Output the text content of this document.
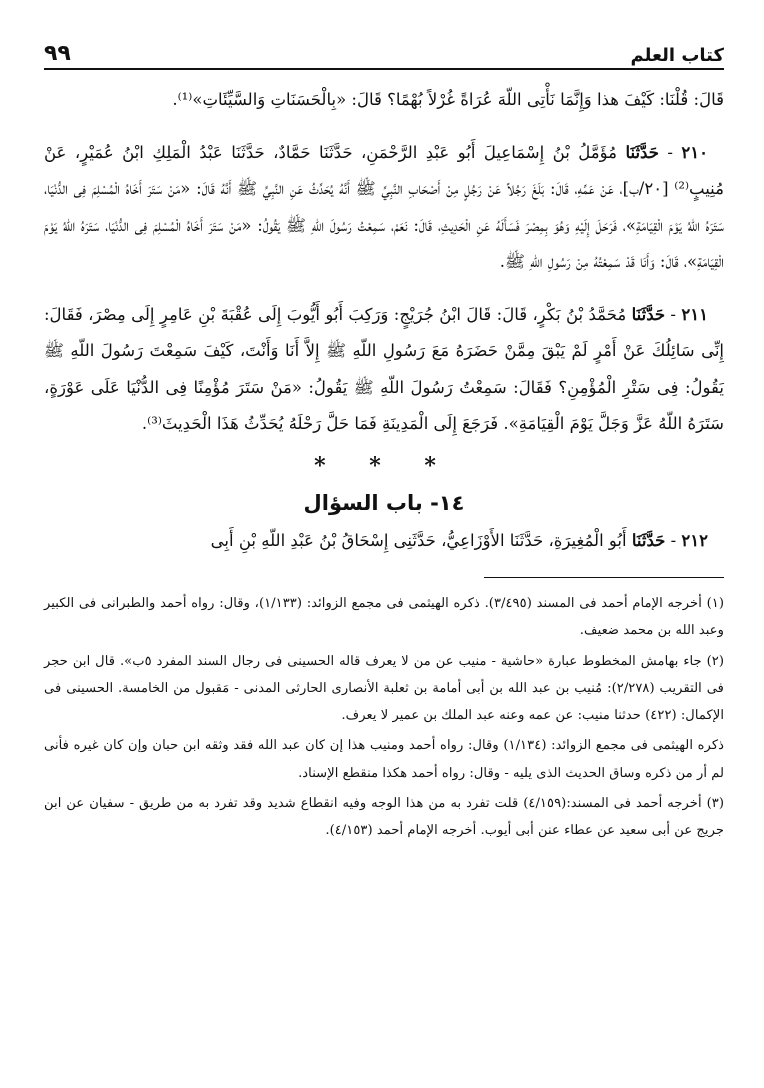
كتاب العلم
٩٩

قَالَ: قُلْنَا: كَيْفَ هذا وَإِنَّمَا نَأْتِى اللّهَ عُرَاةً غُرْلاً بُهْمًا؟ قَالَ: «بِالْحَسَنَاتِ وَالسَّيِّئَاتِ»⁽¹⁾.

٢١٠ - حَدَّثَنَا مُؤَمَّلُ بْنُ إِسْمَاعِيلَ أَبُو عَبْدِ الرَّحْمَنِ، حَدَّثَنَا حَمَّادٌ، حَدَّثَنَا عَبْدُ الْمَلِكِ ابْنُ عُمَيْرٍ، عَنْ مُنِيبٍ⁽²⁾ [٢٠/ب]، عَنْ عَمِّهِ، قَالَ: بَلَغَ رَجُلاً عَنْ رَجُلٍ مِنْ أَصْحَابِ النَّبِيِّ ﷺ أَنَّهُ يُحَدِّثُ عَنِ النَّبِيِّ ﷺ أَنَّهُ قَالَ: «مَنْ سَتَرَ أَخَاهُ الْمُسْلِمَ فِى الدُّنْيَا، سَتَرَهُ اللّهُ يَوْمَ الْقِيَامَةِ»، فَرَحَلَ إِلَيْهِ وَهُوَ بِمِصْرَ فَسَأَلَهُ عَنِ الْحَدِيثِ، قَالَ: نَعَمْ، سَمِعْتُ رَسُولَ اللّهِ ﷺ يَقُولُ: «مَنْ سَتَرَ أَخَاهُ الْمُسْلِمَ فِى الدُّنْيَا، سَتَرَهُ اللّهُ يَوْمَ الْقِيَامَةِ»، قَالَ: وَأَنَا قَدْ سَمِعْتُهُ مِنْ رَسُولِ اللّهِ ﷺ.

٢١١ - حَدَّثَنَا مُحَمَّدُ بْنُ بَكْرٍ، قَالَ: قَالَ ابْنُ جُرَيْجٍ: وَرَكِبَ أَبُو أَيُّوبَ إِلَى عُقْبَةَ بْنِ عَامِرٍ إِلَى مِصْرَ، فَقَالَ: إِنِّى سَائِلُكَ عَنْ أَمْرٍ لَمْ يَبْقَ مِمَّنْ حَضَرَهُ مَعَ رَسُولِ اللّهِ ﷺ إِلاَّ أَنَا وَأَنْتَ، كَيْفَ سَمِعْتَ رَسُولَ اللّهِ ﷺ يَقُولُ: فِى سَتْرِ الْمُؤْمِنِ؟ فَقَالَ: سَمِعْتُ رَسُولَ اللّهِ ﷺ يَقُولُ: «مَنْ سَتَرَ مُؤْمِنًا فِى الدُّنْيَا عَلَى عَوْرَةٍ، سَتَرَهُ اللّهُ عَزَّ وَجَلَّ يَوْمَ الْقِيَامَةِ». فَرَجَعَ إِلَى الْمَدِينَةِ فَمَا حَلَّ رَحْلَهُ يُحَدِّثُ هَذَا الْحَدِيثَ⁽³⁾.

* * *
١٤- باب السؤال

٢١٢ - حَدَّثَنَا أَبُو الْمُغِيرَةِ، حَدَّثَنَا الأَوْزَاعِيُّ، حَدَّثَنِى إِسْحَاقُ بْنُ عَبْدِ اللّهِ بْنِ أَبِى

(١) أخرجه الإمام أحمد فى المسند (٣/٤٩٥). ذكره الهيثمى فى مجمع الزوائد: (١/١٣٣)، وقال: رواه أحمد والطبرانى فى الكبير وعبد الله بن محمد ضعيف.

(٢) جاء بهامش المخطوط عبارة «حاشية - منيب عن من لا يعرف قاله الحسينى فى رجال السند المفرد ٥ب». قال ابن حجر فى التقريب (٢/٢٧٨): مُنيب بن عبد الله بن أبى أمامة بن ثعلبة الأنصارى الحارثى المدنى - مَقبول من الخامسة. الحسينى فى الإكمال: (٤٢٢) حدثنا منيب: عن عمه وعنه عبد الملك بن عمير لا يعرف.

ذكره الهيثمى فى مجمع الزوائد: (١/١٣٤) وقال: رواه أحمد ومنيب هذا إن كان عبد الله فقد وثقه ابن حبان وإن كان غيره فأنى لم أر من ذكره وساق الحديث الذى يليه - وقال: رواه أحمد هكذا منقطع الإسناد.

(٣) أخرجه أحمد فى المسند:(٤/١٥٩) قلت تفرد به من هذا الوجه وفيه انقطاع شديد وقد تفرد به من طريق - سفيان عن ابن جريج عن أبى سعيد عن عطاء عنن أبى أيوب. أخرجه الإمام أحمد (٤/١٥٣).
